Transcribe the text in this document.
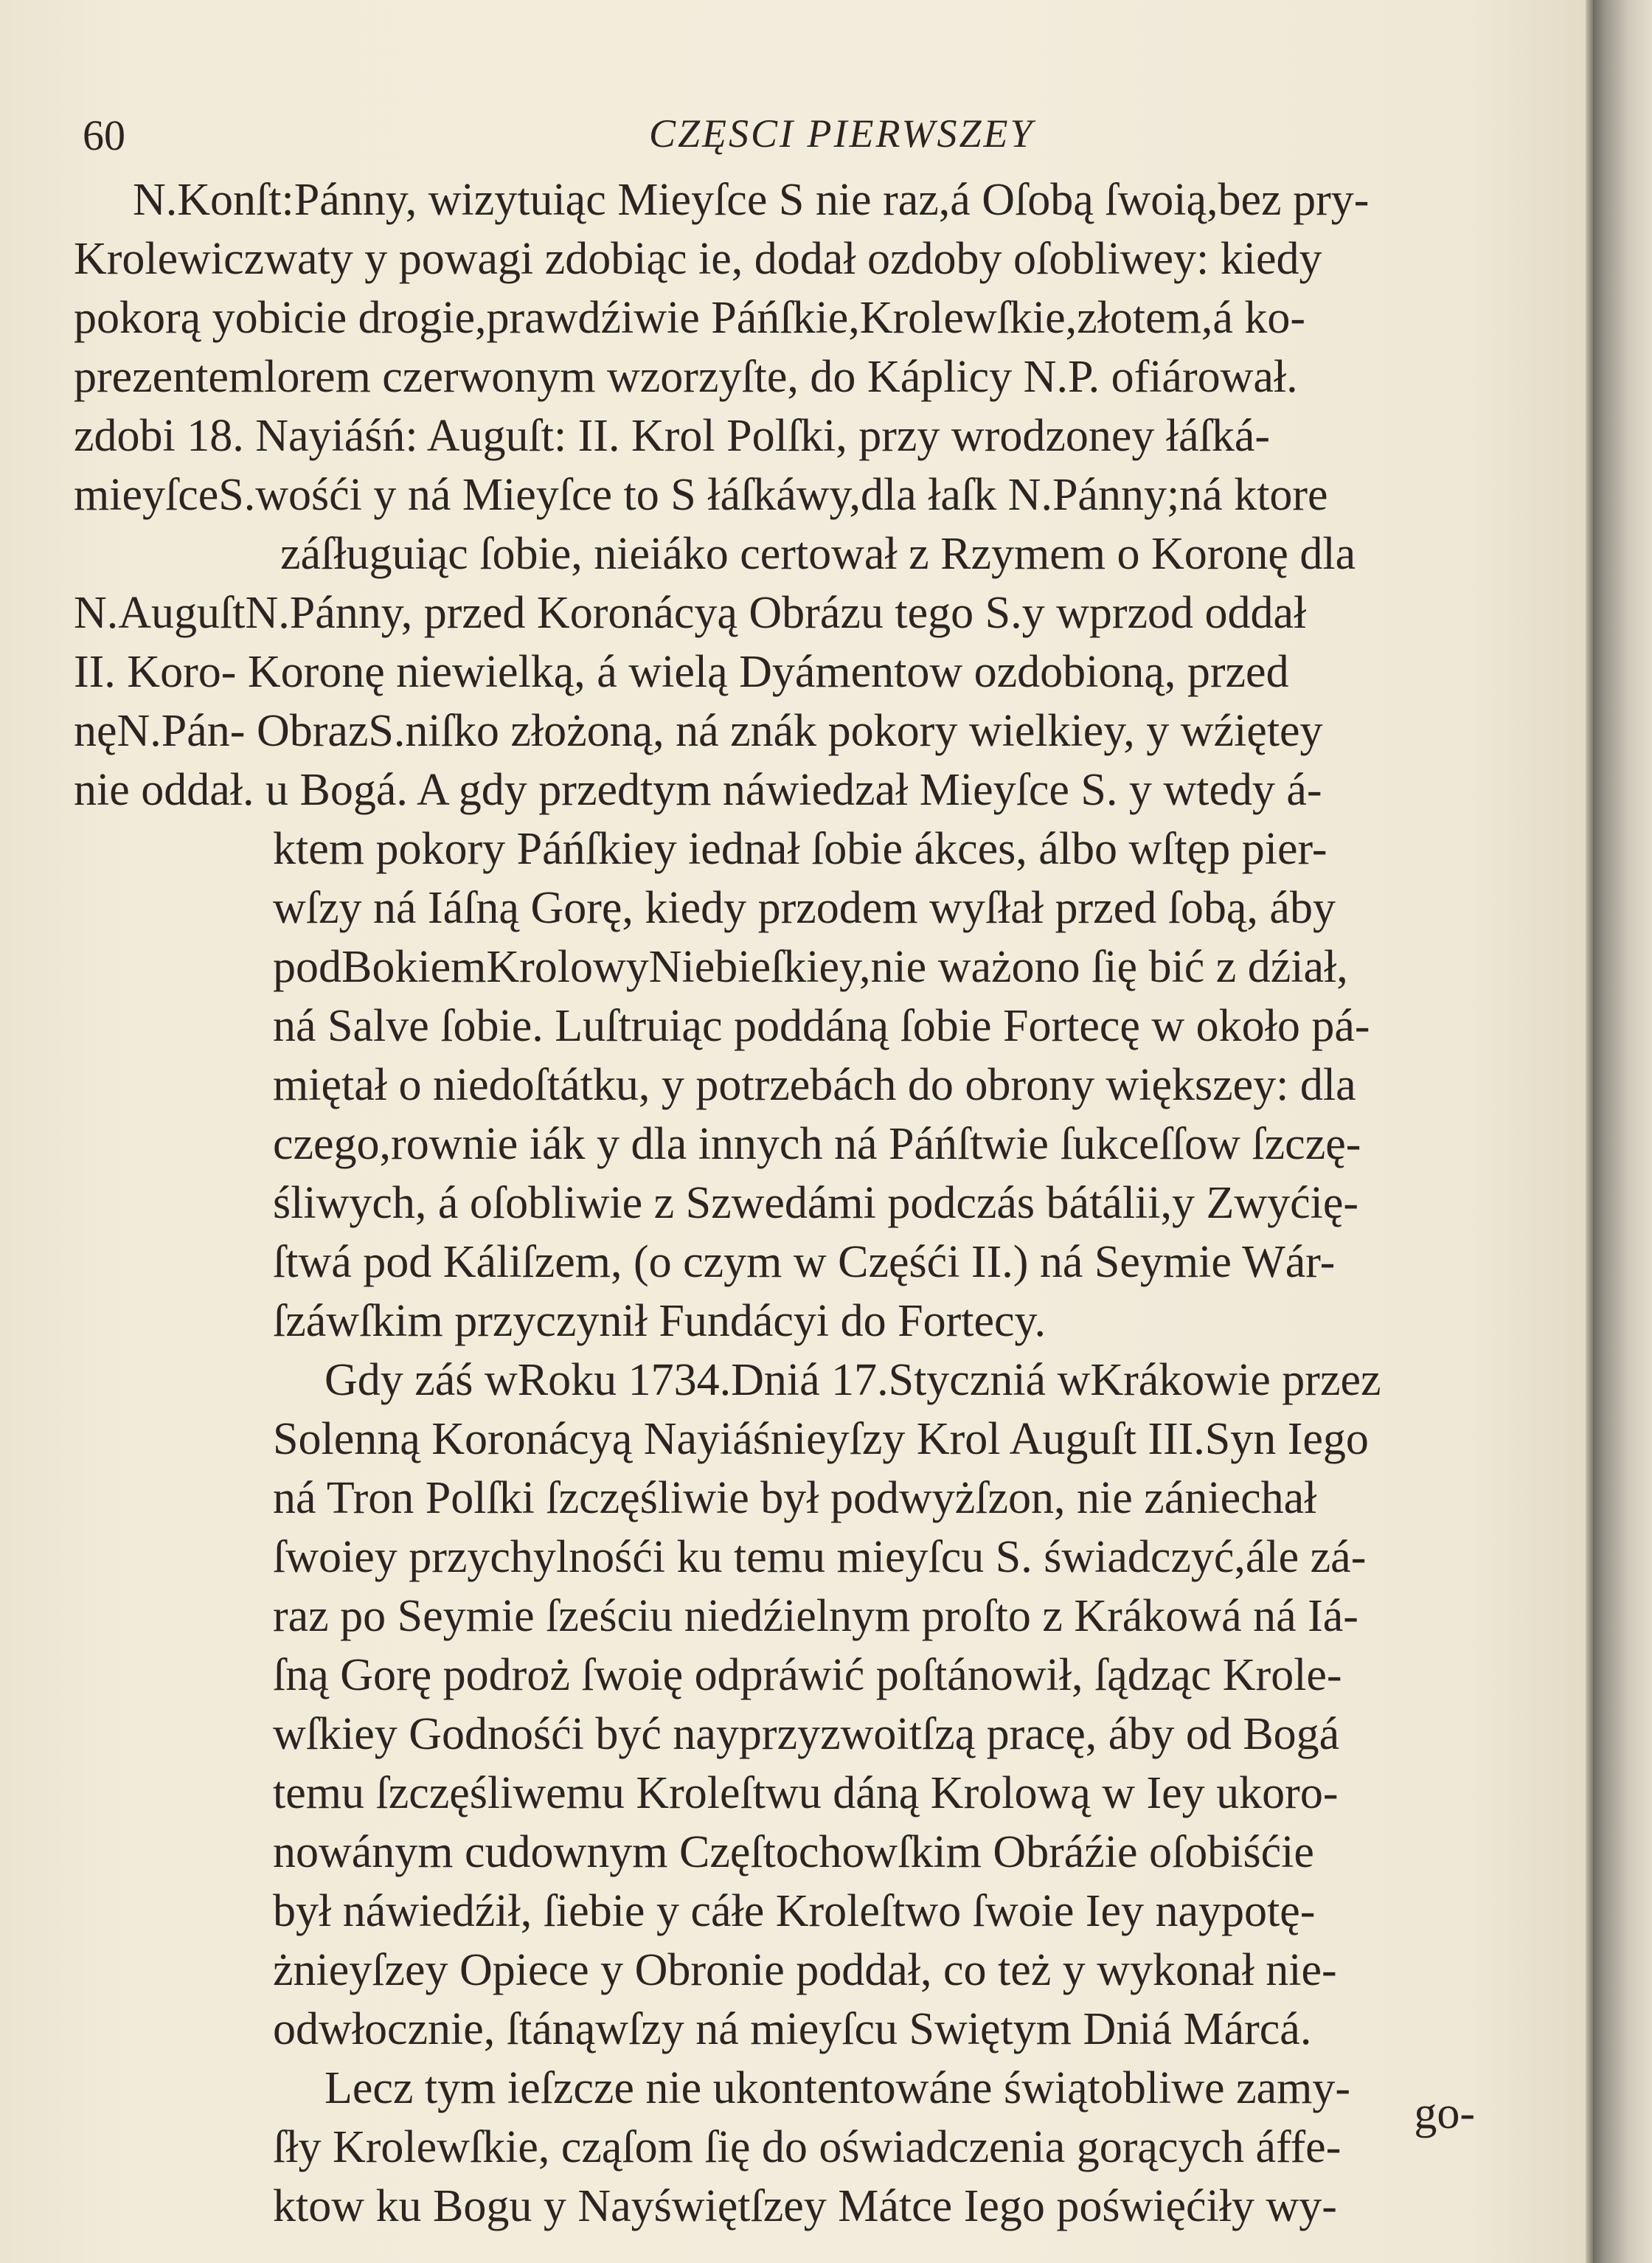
60	CZĘSCI PIERWSZEY
N.Konſt:Pánny, wizytuiąc Mieyſce S nie raz,á Oſobą ſwoią,bez pry-
Krolewiczwaty y powagi zdobiąc ie, dodał ozdoby oſobliwey: kiedy
pokorą yobicie drogie,prawdźiwie Páńſkie,Krolewſkie,złotem,á ko-
prezentemlorem czerwonym wzorzyſte, do Káplicy N.P. ofiárował.
zdobi 18. Nayiáśń: Auguſt: II. Krol Polſki, przy wrodzoney łáſká-
mieyſceS.wośći y ná Mieyſce to S łáſkáwy,dla łaſk N.Pánny;ná ktore
záſługuiąc ſobie, nieiáko certował z Rzymem o Koronę dla
N.AuguſtN.Pánny, przed Koronácyą Obrázu tego S.y wprzod oddał
II. Koro- Koronę niewielką, á wielą Dyámentow ozdobioną, przed
nęN.Pán- ObrazS.niſko złożoną, ná znák pokory wielkiey, y wźiętey
nie oddał. u Bogá. A gdy przedtym náwiedzał Mieyſce S. y wtedy á-
ktem pokory Páńſkiey iednał ſobie ákces, álbo wſtęp pier-
wſzy ná Iáſną Gorę, kiedy przodem wyſłał przed ſobą, áby
podBokiemKrolowyNiebieſkiey,nie ważono ſię bić z dźiał,
ná Salve ſobie. Luſtruiąc poddáną ſobie Fortecę w około pá-
miętał o niedoſtátku, y potrzebách do obrony większey: dla
czego,rownie iák y dla innych ná Páńſtwie ſukceſſow ſzczę-
śliwych, á oſobliwie z Szwedámi podczás bátálii,y Zwyćię-
ſtwá pod Káliſzem, (o czym w Częśći II.) ná Seymie Wár-
ſzáwſkim przyczynił Fundácyi do Fortecy.
Gdy záś wRoku 1734.Dniá 17.Styczniá wKrákowie przez
Solenną Koronácyą Nayiáśnieyſzy Krol Auguſt III.Syn Iego
ná Tron Polſki ſzczęśliwie był podwyżſzon, nie zániechał
ſwoiey przychylnośći ku temu mieyſcu S. świadczyć,ále zá-
raz po Seymie ſześciu niedźielnym proſto z Krákowá ná Iá-
ſną Gorę podroż ſwoię odpráwić poſtánowił, ſądząc Krole-
wſkiey Godnośći być nayprzyzwoitſzą pracę, áby od Bogá
temu ſzczęśliwemu Kroleſtwu dáną Krolową w Iey ukoro-
nowánym cudownym Częſtochowſkim Obráźie oſobiśćie
był náwiedźił, ſiebie y cáłe Kroleſtwo ſwoie Iey naypotę-
żnieyſzey Opiece y Obronie poddał, co też y wykonał nie-
odwłocznie, ſtánąwſzy ná mieyſcu Swiętym Dniá Márcá.
Lecz tym ieſzcze nie ukontentowáne świątobliwe zamy-
ſły Krolewſkie, cząſom ſię do oświadczenia gorących áffe-
ktow ku Bogu y Nayświętſzey Mátce Iego poświęćiły wy-
go-
